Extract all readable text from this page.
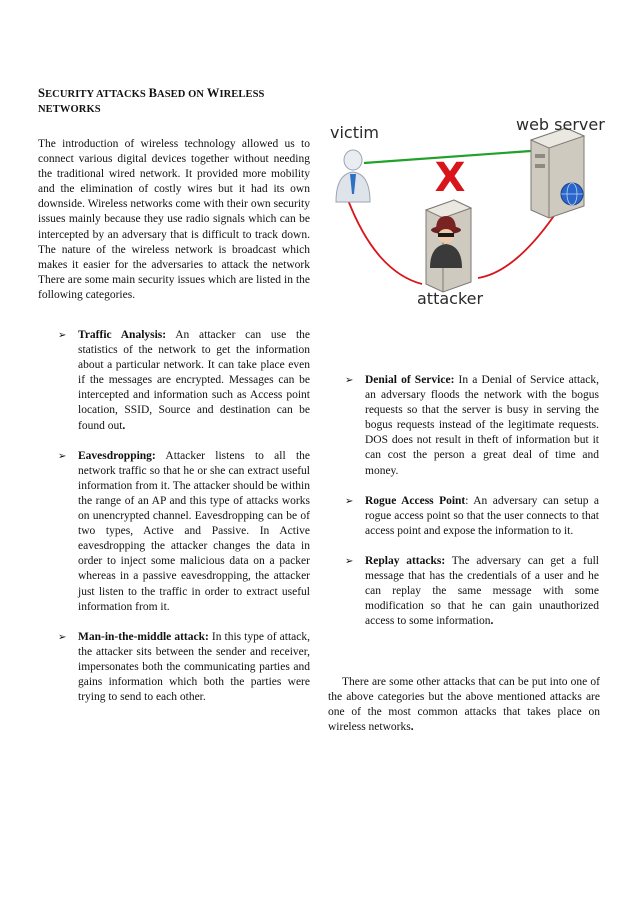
SECURITY ATTACKS BASED ON WIRELESS
NETWORKS

The introduction of wireless technology allowed us to connect various digital devices together without needing the traditional wired network. It provided more mobility and the elimination of costly wires but it had its own downside. Wireless networks come with their own security issues mainly because they use radio signals which can be intercepted by an adversary that is difficult to track down. The nature of the wireless network is broadcast which makes it easier for the adversaries to attack the network There are some main security issues which are listed in the following categories.

X
victim	web server
attacker

➢ Traffic Analysis: An attacker can use the statistics of the network to get the information about a particular network. It can take place even if the messages are encrypted. Messages can be intercepted and information such as Access point location, SSID, Source and destination can be found out.

➢ Eavesdropping: Attacker listens to all the network traffic so that he or she can extract useful information from it. The attacker should be within the range of an AP and this type of attacks works on unencrypted channel. Eavesdropping can be of two types, Active and Passive. In Active eavesdropping the attacker changes the data in order to inject some malicious data on a packer whereas in a passive eavesdropping, the attacker just listen to the traffic in order to extract useful information from it.

➢ Man-in-the-middle attack: In this type of attack, the attacker sits between the sender and receiver, impersonates both the communicating parties and gains information which both the parties were trying to send to each other.

➢ Denial of Service: In a Denial of Service attack, an adversary floods the network with the bogus requests so that the server is busy in serving the bogus requests instead of the legitimate requests. DOS does not result in theft of information but it can cost the person a great deal of time and money.

➢ Rogue Access Point: An adversary can setup a rogue access point so that the user connects to that access point and expose the information to it.

➢ Replay attacks: The adversary can get a full message that has the credentials of a user and he can replay the same message with some modification so that he can gain unauthorized access to some information.

There are some other attacks that can be put into one of the above categories but the above mentioned attacks are one of the most common attacks that takes place on wireless networks.
